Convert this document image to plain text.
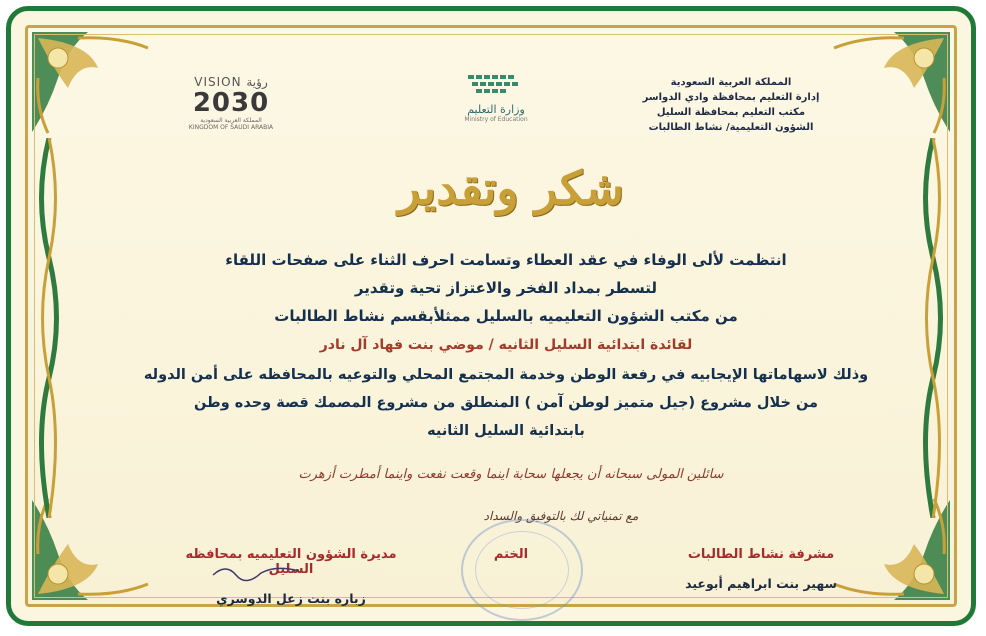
VISION رؤية
2030
المملكة العربية السعودية
KINGDOM OF SAUDI ARABIA
وزارة التعليم
Ministry of Education
المملكة العربية السعودية
إدارة التعليم بمحافظة وادي الدواسر
مكتب التعليم بمحافظة السليل
الشؤون التعليمية/ نشاط الطالبات
شكر وتقدير
انتظمت لألى الوفاء في عقد العطاء وتسامت احرف الثناء على صفحات اللقاء
لتسطر بمداد الفخر والاعتزاز تحية وتقدير
من مكتب الشؤون التعليميه بالسليل ممثلأبقسم نشاط الطالبات
لقائدة ابتدائية السليل الثانيه / موضي بنت فهاد آل نادر
وذلك لاسهاماتها الإيجابيه في رفعة الوطن وخدمة المجتمع المحلي والتوعيه بالمحافظه على أمن الدوله
من خلال مشروع (جيل متميز لوطن آمن ) المنطلق من مشروع المصمك قصة وحده وطن
بابتدائية السليل الثانيه
سائلين المولى سبحانه أن يجعلها سحابة اينما وقعت نفعت واينما أمطرت أزهرت
مع تمنياتي لك بالتوفيق والسداد
مديرة الشؤون التعليميه بمحافظه السليل
زباره بنت زعل الدوسري
الختم	مشرفة نشاط الطالبات
سهير بنت ابراهيم أبوعيد
